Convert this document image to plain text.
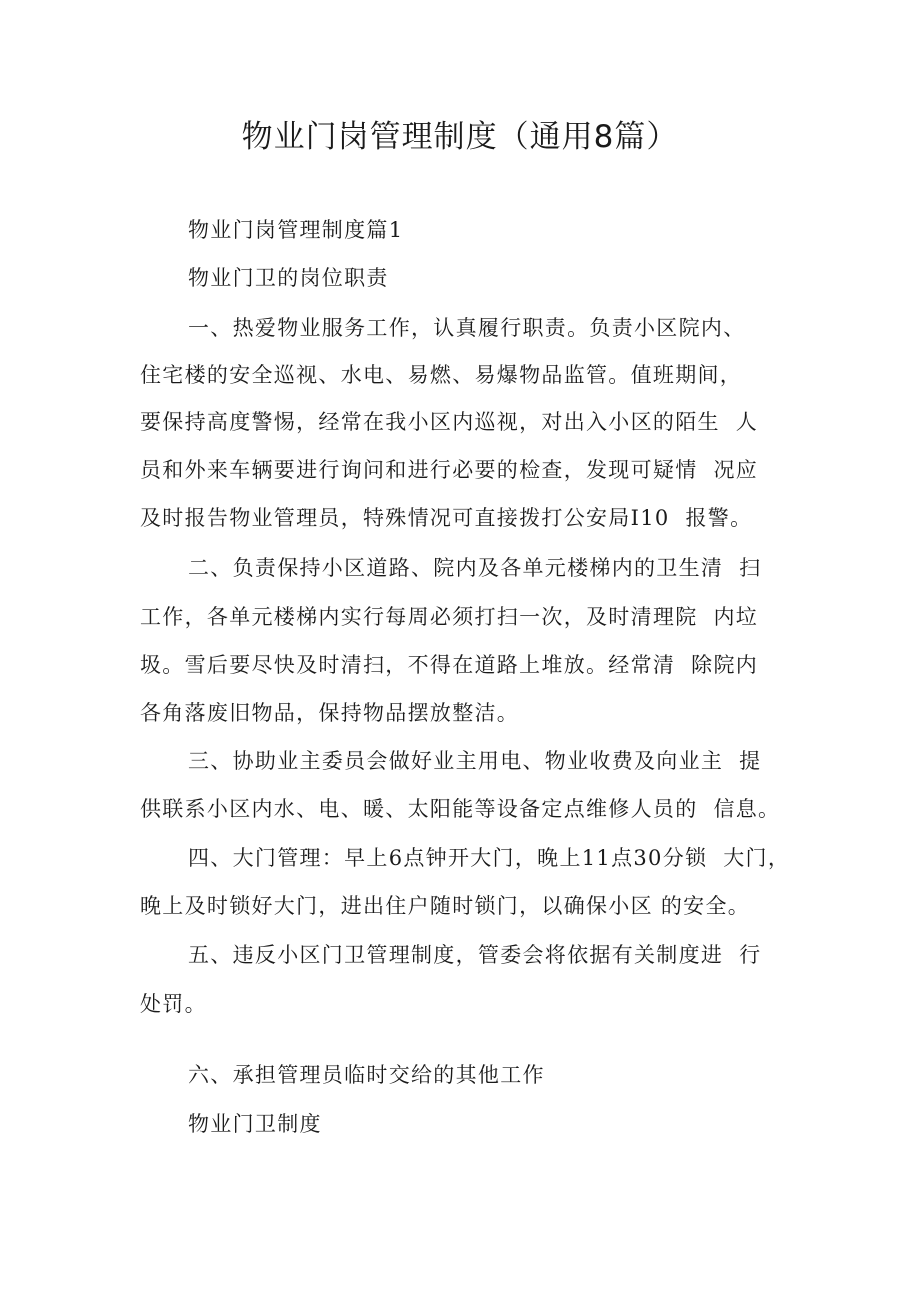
物业门岗管理制度（通用8篇）

物业门岗管理制度篇1

物业门卫的岗位职责

一、热爱物业服务工作，认真履行职责。负责小区院内、

住宅楼的安全巡视、水电、易燃、易爆物品监管。值班期间，

要保持高度警惕，经常在我小区内巡视，对出入小区的陌生  人

员和外来车辆要进行询问和进行必要的检查，发现可疑情  况应

及时报告物业管理员，特殊情况可直接拨打公安局I10  报警。

二、负责保持小区道路、院内及各单元楼梯内的卫生清  扫

工作，各单元楼梯内实行每周必须打扫一次，及时清理院  内垃

圾。雪后要尽快及时清扫，不得在道路上堆放。经常清  除院内

各角落废旧物品，保持物品摆放整洁。

三、协助业主委员会做好业主用电、物业收费及向业主  提

供联系小区内水、电、暖、太阳能等设备定点维修人员的  信息。

四、大门管理：早上6点钟开大门，晚上11点30分锁  大门，

晚上及时锁好大门，进出住户随时锁门，以确保小区 的安全。

五、违反小区门卫管理制度，管委会将依据有关制度进  行

处罚。

六、承担管理员临时交给的其他工作

物业门卫制度
